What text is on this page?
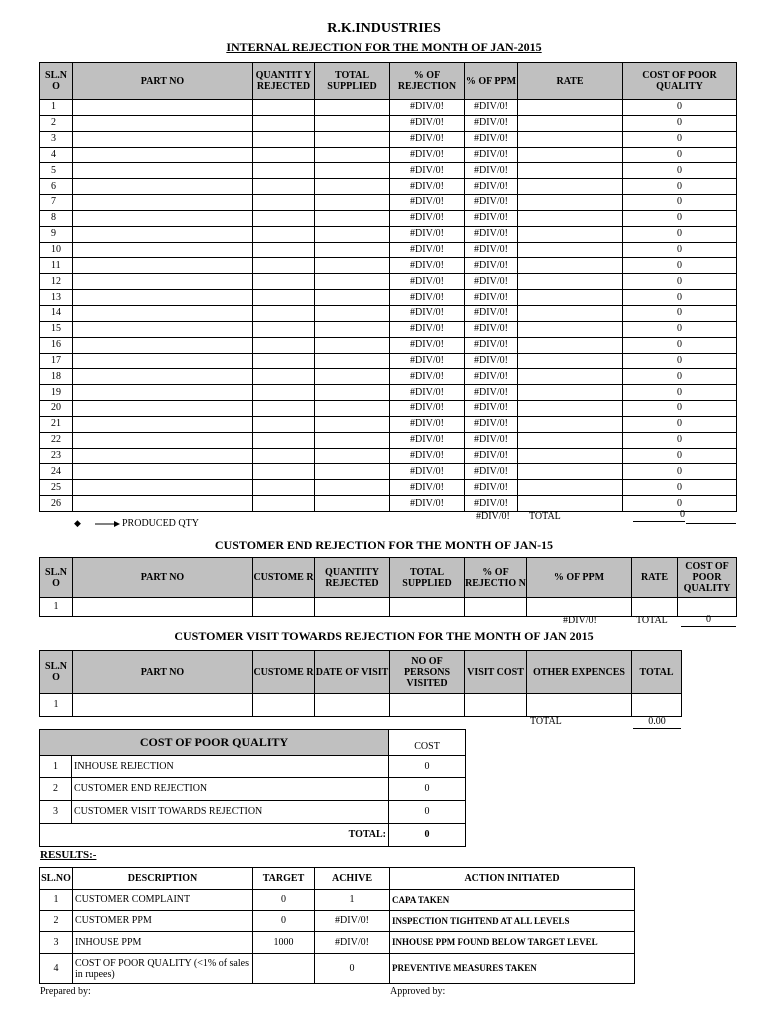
R.K.INDUSTRIES
INTERNAL REJECTION FOR THE MONTH OF JAN-2015
SL.N O	PART NO	QUANTIT Y REJECTED	TOTAL SUPPLIED	% OF REJECTION	% OF PPM	RATE	COST OF POOR QUALITY
1				#DIV/0!	#DIV/0!		0
2				#DIV/0!	#DIV/0!		0
3				#DIV/0!	#DIV/0!		0
4				#DIV/0!	#DIV/0!		0
5				#DIV/0!	#DIV/0!		0
6				#DIV/0!	#DIV/0!		0
7				#DIV/0!	#DIV/0!		0
8				#DIV/0!	#DIV/0!		0
9				#DIV/0!	#DIV/0!		0
10				#DIV/0!	#DIV/0!		0
11				#DIV/0!	#DIV/0!		0
12				#DIV/0!	#DIV/0!		0
13				#DIV/0!	#DIV/0!		0
14				#DIV/0!	#DIV/0!		0
15				#DIV/0!	#DIV/0!		0
16				#DIV/0!	#DIV/0!		0
17				#DIV/0!	#DIV/0!		0
18				#DIV/0!	#DIV/0!		0
19				#DIV/0!	#DIV/0!		0
20				#DIV/0!	#DIV/0!		0
21				#DIV/0!	#DIV/0!		0
22				#DIV/0!	#DIV/0!		0
23				#DIV/0!	#DIV/0!		0
24				#DIV/0!	#DIV/0!		0
25				#DIV/0!	#DIV/0!		0
26				#DIV/0!	#DIV/0!		0
#DIV/0! TOTAL	0
◆	PRODUCED QTY
CUSTOMER END REJECTION FOR THE MONTH OF JAN-15
SL.N O	PART NO	CUSTOME R	QUANTITY REJECTED	TOTAL SUPPLIED	% OF REJECTIO N	% OF PPM	RATE	COST OF POOR QUALITY
1								
#DIV/0!	TOTAL	0
CUSTOMER VISIT TOWARDS REJECTION FOR THE MONTH OF JAN 2015
SL.N O	PART NO	CUSTOME R	DATE OF VISIT	NO OF PERSONS VISITED	VISIT COST	OTHER EXPENCES	TOTAL
1							
TOTAL	0.00
COST OF POOR QUALITY		COST
1	INHOUSE REJECTION	0
2	CUSTOMER END REJECTION	0
3	CUSTOMER VISIT TOWARDS REJECTION	0
TOTAL:		0
RESULTS:-
SL.NO	DESCRIPTION	TARGET	ACHIVE	ACTION INITIATED
1	CUSTOMER COMPLAINT	0	1	CAPA TAKEN
2	CUSTOMER PPM	0	#DIV/0!	INSPECTION TIGHTEND AT ALL LEVELS
3	INHOUSE PPM	1000	#DIV/0!	INHOUSE PPM FOUND BELOW TARGET LEVEL
4	COST OF POOR QUALITY (<1% of sales in rupees)		0	PREVENTIVE MEASURES TAKEN
Prepared by:	Approved by:
